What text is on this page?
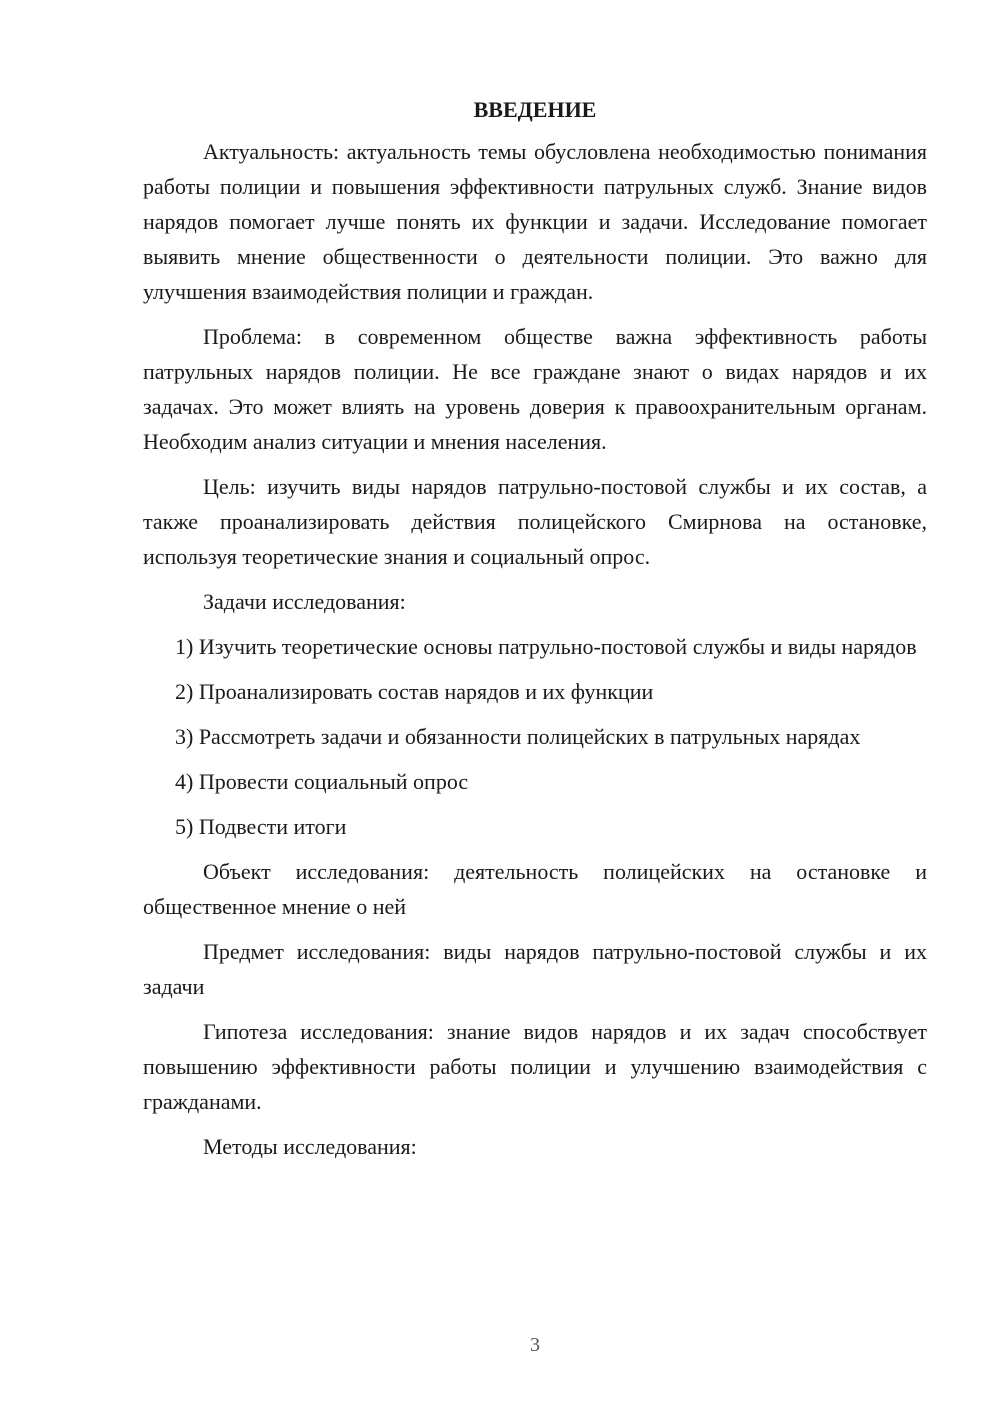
ВВЕДЕНИЕ

Актуальность: актуальность темы обусловлена необходимостью понимания работы полиции и повышения эффективности патрульных служб. Знание видов нарядов помогает лучше понять их функции и задачи. Исследование помогает выявить мнение общественности о деятельности полиции. Это важно для улучшения взаимодействия полиции и граждан.

Проблема: в современном обществе важна эффективность работы патрульных нарядов полиции. Не все граждане знают о видах нарядов и их задачах. Это может влиять на уровень доверия к правоохранительным органам. Необходим анализ ситуации и мнения населения.

Цель: изучить виды нарядов патрульно-постовой службы и их состав, а также проанализировать действия полицейского Смирнова на остановке, используя теоретические знания и социальный опрос.

Задачи исследования:

1) Изучить теоретические основы патрульно-постовой службы и виды нарядов

2) Проанализировать состав нарядов и их функции

3) Рассмотреть задачи и обязанности полицейских в патрульных нарядах

4) Провести социальный опрос

5) Подвести итоги

Объект исследования: деятельность полицейских на остановке и общественное мнение о ней

Предмет исследования: виды нарядов патрульно-постовой службы и их задачи

Гипотеза исследования: знание видов нарядов и их задач способствует повышению эффективности работы полиции и улучшению взаимодействия с гражданами.

Методы исследования:

3
